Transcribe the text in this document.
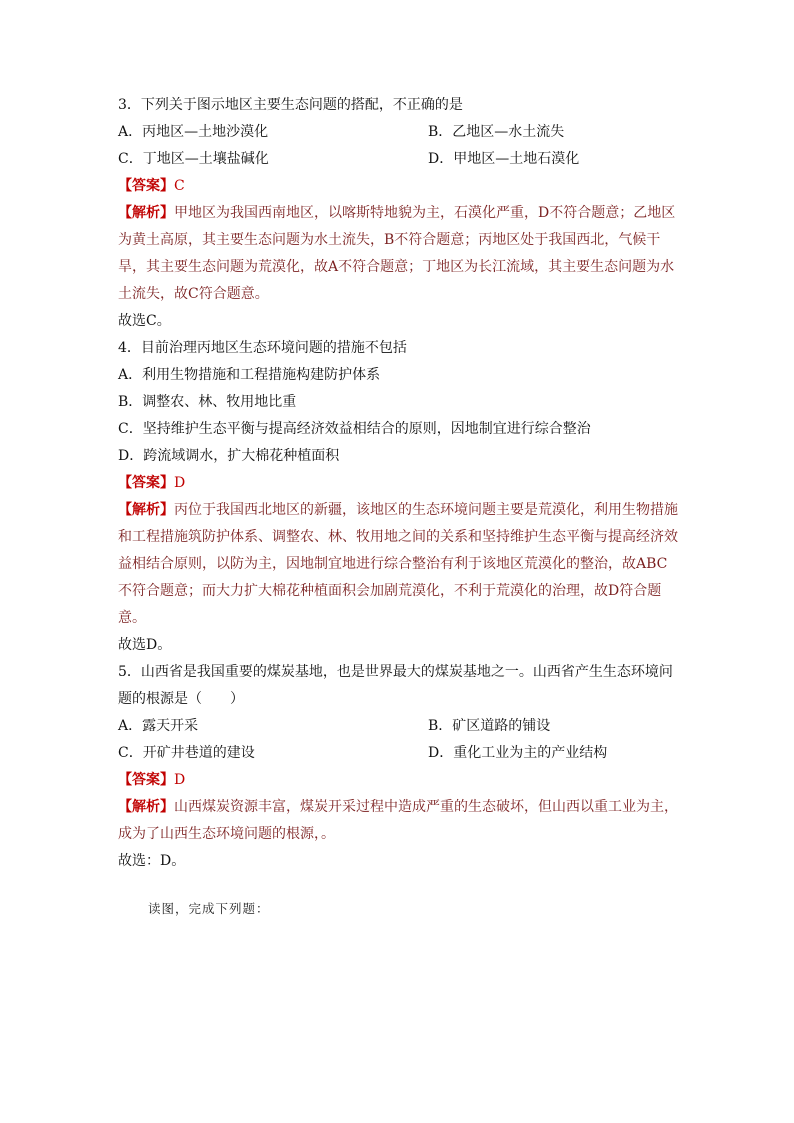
3．下列关于图示地区主要生态问题的搭配，不正确的是
A．丙地区—土地沙漠化	B．乙地区—水土流失
C．丁地区—土壤盐碱化	D．甲地区—土地石漠化
【答案】C
【解析】甲地区为我国西南地区，以喀斯特地貌为主，石漠化严重，D不符合题意；乙地区为黄土高原，其主要生态问题为水土流失，B不符合题意；丙地区处于我国西北，气候干旱，其主要生态问题为荒漠化，故A不符合题意；丁地区为长江流域，其主要生态问题为水土流失，故C符合题意。
故选C。
4．目前治理丙地区生态环境问题的措施不包括
A．利用生物措施和工程措施构建防护体系
B．调整农、林、牧用地比重
C．坚持维护生态平衡与提高经济效益相结合的原则，因地制宜进行综合整治
D．跨流域调水，扩大棉花种植面积
【答案】D
【解析】丙位于我国西北地区的新疆，该地区的生态环境问题主要是荒漠化，利用生物措施和工程措施筑防护体系、调整农、林、牧用地之间的关系和坚持维护生态平衡与提高经济效益相结合原则，以防为主，因地制宜地进行综合整治有利于该地区荒漠化的整治，故ABC不符合题意；而大力扩大棉花种植面积会加剧荒漠化，不利于荒漠化的治理，故D符合题意。
故选D。
5．山西省是我国重要的煤炭基地，也是世界最大的煤炭基地之一。山西省产生生态环境问题的根源是（　　）
A．露天开采	B．矿区道路的铺设
C．开矿井巷道的建设	D．重化工业为主的产业结构
【答案】D
【解析】山西煤炭资源丰富，煤炭开采过程中造成严重的生态破坏，但山西以重工业为主，成为了山西生态环境问题的根源，。
故选：D。
读图，完成下列题：
